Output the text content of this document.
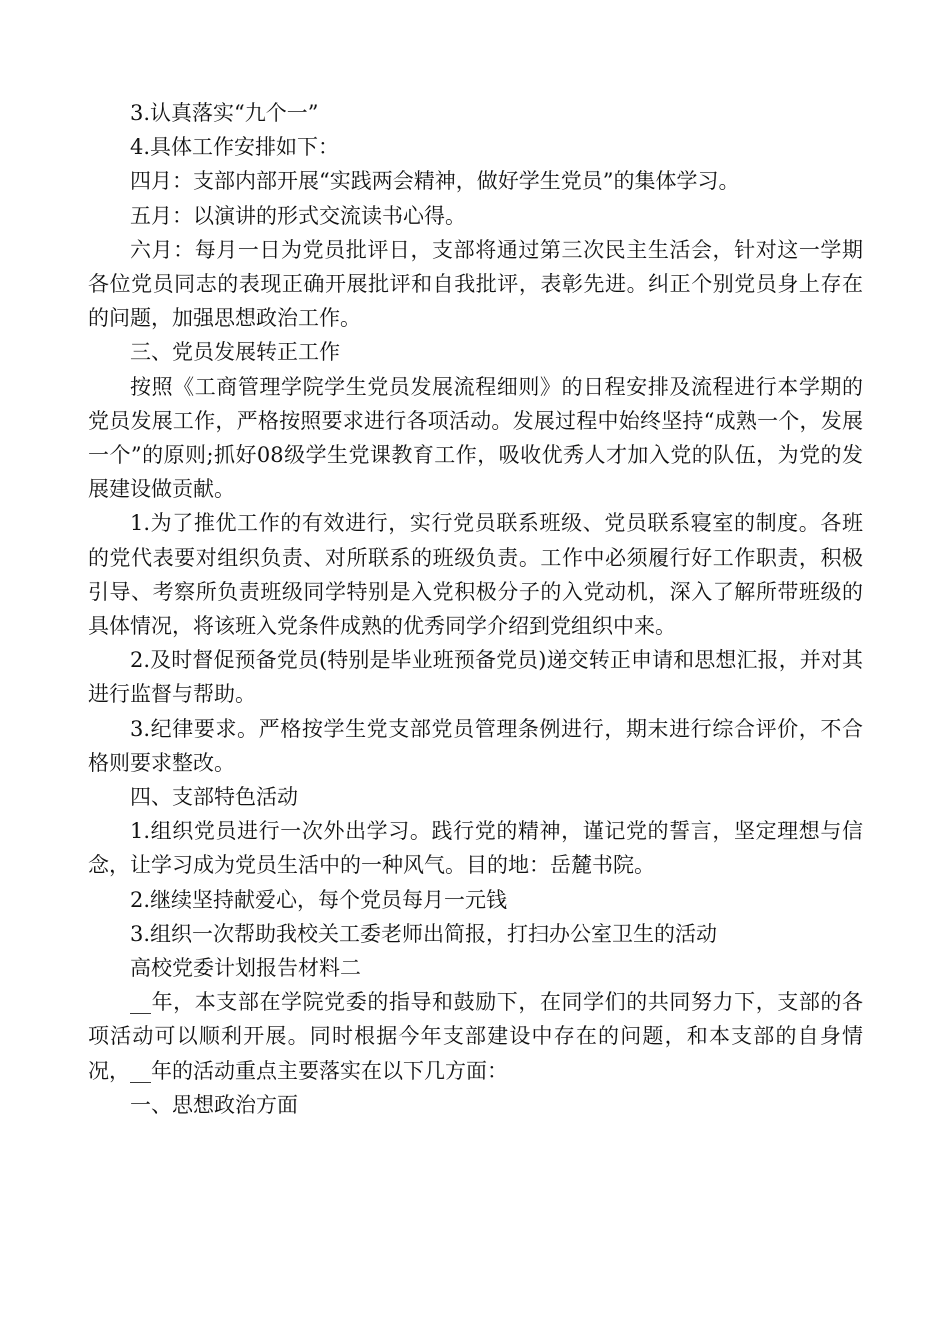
3.认真落实“九个一”

4.具体工作安排如下：

四月：支部内部开展“实践两会精神，做好学生党员”的集体学习。

五月：以演讲的形式交流读书心得。

六月：每月一日为党员批评日，支部将通过第三次民主生活会，针对这一学期各位党员同志的表现正确开展批评和自我批评，表彰先进。纠正个别党员身上存在的问题，加强思想政治工作。

三、党员发展转正工作

按照《工商管理学院学生党员发展流程细则》的日程安排及流程进行本学期的党员发展工作，严格按照要求进行各项活动。发展过程中始终坚持“成熟一个，发展一个”的原则;抓好08级学生党课教育工作，吸收优秀人才加入党的队伍，为党的发展建设做贡献。

1.为了推优工作的有效进行，实行党员联系班级、党员联系寝室的制度。各班的党代表要对组织负责、对所联系的班级负责。工作中必须履行好工作职责，积极引导、考察所负责班级同学特别是入党积极分子的入党动机，深入了解所带班级的具体情况，将该班入党条件成熟的优秀同学介绍到党组织中来。

2.及时督促预备党员(特别是毕业班预备党员)递交转正申请和思想汇报，并对其进行监督与帮助。

3.纪律要求。严格按学生党支部党员管理条例进行，期末进行综合评价，不合格则要求整改。

四、支部特色活动

1.组织党员进行一次外出学习。践行党的精神，谨记党的誓言，坚定理想与信念，让学习成为党员生活中的一种风气。目的地：岳麓书院。

2.继续坚持献爱心，每个党员每月一元钱

3.组织一次帮助我校关工委老师出简报，打扫办公室卫生的活动

高校党委计划报告材料二

__年，本支部在学院党委的指导和鼓励下，在同学们的共同努力下，支部的各项活动可以顺利开展。同时根据今年支部建设中存在的问题，和本支部的自身情况，__年的活动重点主要落实在以下几方面：

一、思想政治方面
